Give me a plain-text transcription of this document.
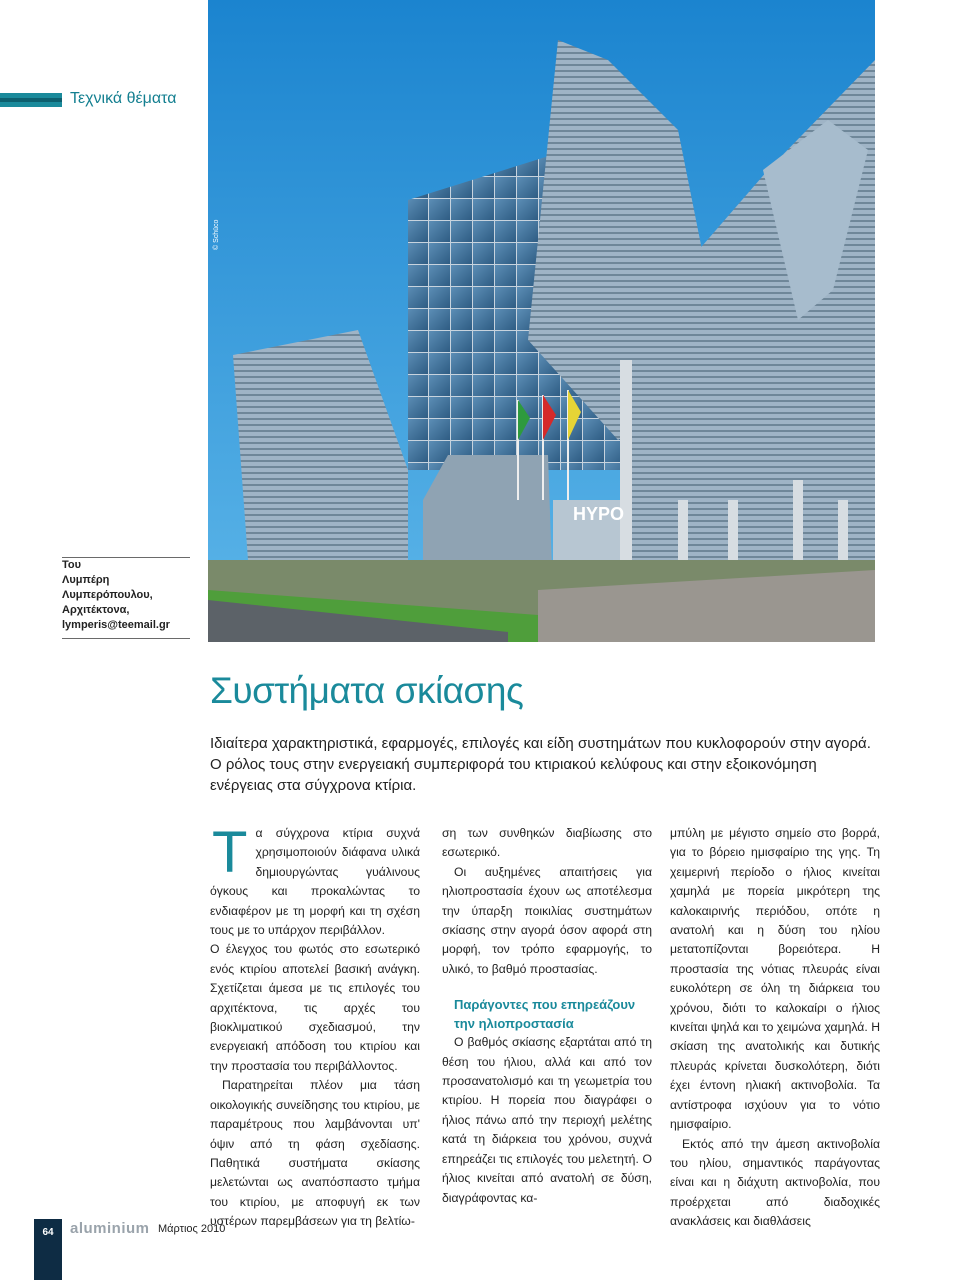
Τεχνικά θέματα
HYPO
© Schüco
Του
Λυμπέρη
Λυμπερόπουλου,
Αρχιτέκτονα,
lymperis@teemail.gr
Συστήματα σκίασης
Ιδιαίτερα χαρακτηριστικά, εφαρμογές, επιλογές και είδη συστημάτων που κυκλοφορούν στην αγορά. Ο ρόλος τους στην ενεργειακή συμπεριφορά του κτιριακού κελύφους και στην εξοικονόμηση ενέργειας στα σύγχρονα κτίρια.

Τα σύγχρονα κτίρια συχνά χρησιμοποιούν διάφανα υλικά δημιουργώντας γυάλινους όγκους και προκαλώντας το ενδιαφέρον με τη μορφή και τη σχέση τους με το υπάρχον περιβάλλον.

Ο έλεγχος του φωτός στο εσωτερικό ενός κτιρίου αποτελεί βασική ανάγκη. Σχετίζεται άμεσα με τις επιλογές του αρχιτέκτονα, τις αρχές του βιοκλιματικού σχεδιασμού, την ενεργειακή απόδοση του κτιρίου και την προστασία του περιβάλλοντος.

Παρατηρείται πλέον μια τάση οικολογικής συνείδησης του κτιρίου, με παραμέτρους που λαμβάνονται υπ' όψιν από τη φάση σχεδίασης. Παθητικά συστήματα σκίασης μελετώνται ως αναπόσπαστο τμήμα του κτιρίου, με αποφυγή εκ των υστέρων παρεμβάσεων για τη βελτίω-

ση των συνθηκών διαβίωσης στο εσωτερικό.

Οι αυξημένες απαιτήσεις για ηλιοπροστασία έχουν ως αποτέλεσμα την ύπαρξη ποικιλίας συστημάτων σκίασης στην αγορά όσον αφορά στη μορφή, τον τρόπο εφαρμογής, το υλικό, το βαθμό προστασίας.

Παράγοντες που επηρεάζουν την ηλιοπροστασία

Ο βαθμός σκίασης εξαρτάται από τη θέση του ήλιου, αλλά και από τον προσανατολισμό και τη γεωμετρία του κτιρίου. Η πορεία που διαγράφει ο ήλιος πάνω από την περιοχή μελέτης κατά τη διάρκεια του χρόνου, συχνά επηρεάζει τις επιλογές του μελετητή. Ο ήλιος κινείται από ανατολή σε δύση, διαγράφοντας κα-

μπύλη με μέγιστο σημείο στο βορρά, για το βόρειο ημισφαίριο της γης. Τη χειμερινή περίοδο ο ήλιος κινείται χαμηλά με πορεία μικρότερη της καλοκαιρινής περιόδου, οπότε η ανατολή και η δύση του ηλίου μετατοπίζονται βορειότερα. Η προστασία της νότιας πλευράς είναι ευκολότερη σε όλη τη διάρκεια του χρόνου, διότι το καλοκαίρι ο ήλιος κινείται ψηλά και το χειμώνα χαμηλά. Η σκίαση της ανατολικής και δυτικής πλευράς κρίνεται δυσκολότερη, διότι έχει έντονη ηλιακή ακτινοβολία. Τα αντίστροφα ισχύουν για το νότιο ημισφαίριο.

Εκτός από την άμεση ακτινοβολία του ηλίου, σημαντικός παράγοντας είναι και η διάχυτη ακτινοβολία, που προέρχεται από διαδοχικές ανακλάσεις και διαθλάσεις

64	aluminium Μάρτιος 2010
